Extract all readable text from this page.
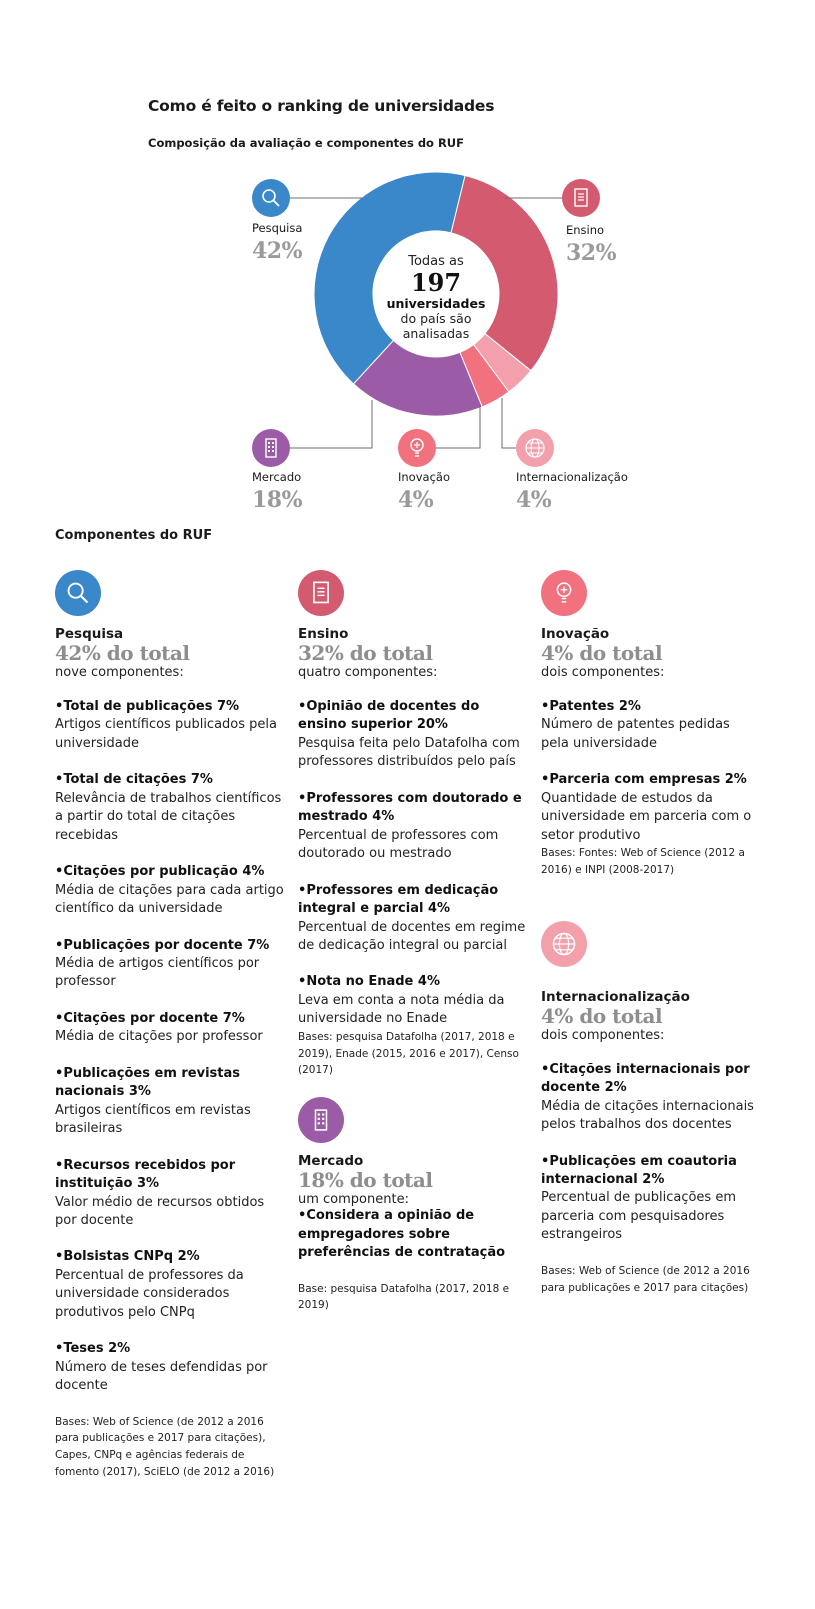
Como é feito o ranking de universidades
Composição da avaliação e componentes do RUF
Todas as
197
universidades
do país são
analisadas
Pesquisa
42%
Ensino
32%
Mercado
18%
Inovação
4%
Internacionalização
4%
Componentes do RUF
Pesquisa
42% do total
nove componentes:
• Total de publicações 7%
Artigos científicos publicados pela universidade
• Total de citações 7%
Relevância de trabalhos científicos a partir do total de citações recebidas
• Citações por publicação 4%
Média de citações para cada artigo científico da universidade
• Publicações por docente 7%
Média de artigos científicos por professor
• Citações por docente 7%
Média de citações por professor
• Publicações em revistas nacionais 3%
Artigos científicos em revistas brasileiras
• Recursos recebidos por instituição 3%
Valor médio de recursos obtidos por docente
• Bolsistas CNPq 2%
Percentual de professores da universidade considerados produtivos pelo CNPq
• Teses 2%
Número de teses defendidas por docente
Bases: Web of Science (de 2012 a 2016 para publicações e 2017 para citações), Capes, CNPq e agências federais de fomento (2017), SciELO (de 2012 a 2016)
Ensino
32% do total
quatro componentes:
• Opinião de docentes do ensino superior 20%
Pesquisa feita pelo Datafolha com professores distribuídos pelo país
• Professores com doutorado e mestrado 4%
Percentual de professores com doutorado ou mestrado
• Professores em dedicação integral e parcial 4%
Percentual de docentes em regime de dedicação integral ou parcial
• Nota no Enade 4%
Leva em conta a nota média da universidade no Enade
Bases: pesquisa Datafolha (2017, 2018 e 2019), Enade (2015, 2016 e 2017), Censo (2017)
Mercado
18% do total
um componente:
• Considera a opinião de empregadores sobre preferências de contratação
Base: pesquisa Datafolha (2017, 2018 e 2019)
Inovação
4% do total
dois componentes:
• Patentes 2%
Número de patentes pedidas pela universidade
• Parceria com empresas 2%
Quantidade de estudos da universidade em parceria com o setor produtivo
Bases: Fontes: Web of Science (2012 a 2016) e INPI (2008-2017)
Internacionalização
4% do total
dois componentes:
• Citações internacionais por docente 2%
Média de citações internacionais pelos trabalhos dos docentes
• Publicações em coautoria internacional 2%
Percentual de publicações em parceria com pesquisadores estrangeiros
Bases: Web of Science (de 2012 a 2016 para publicações e 2017 para citações)
